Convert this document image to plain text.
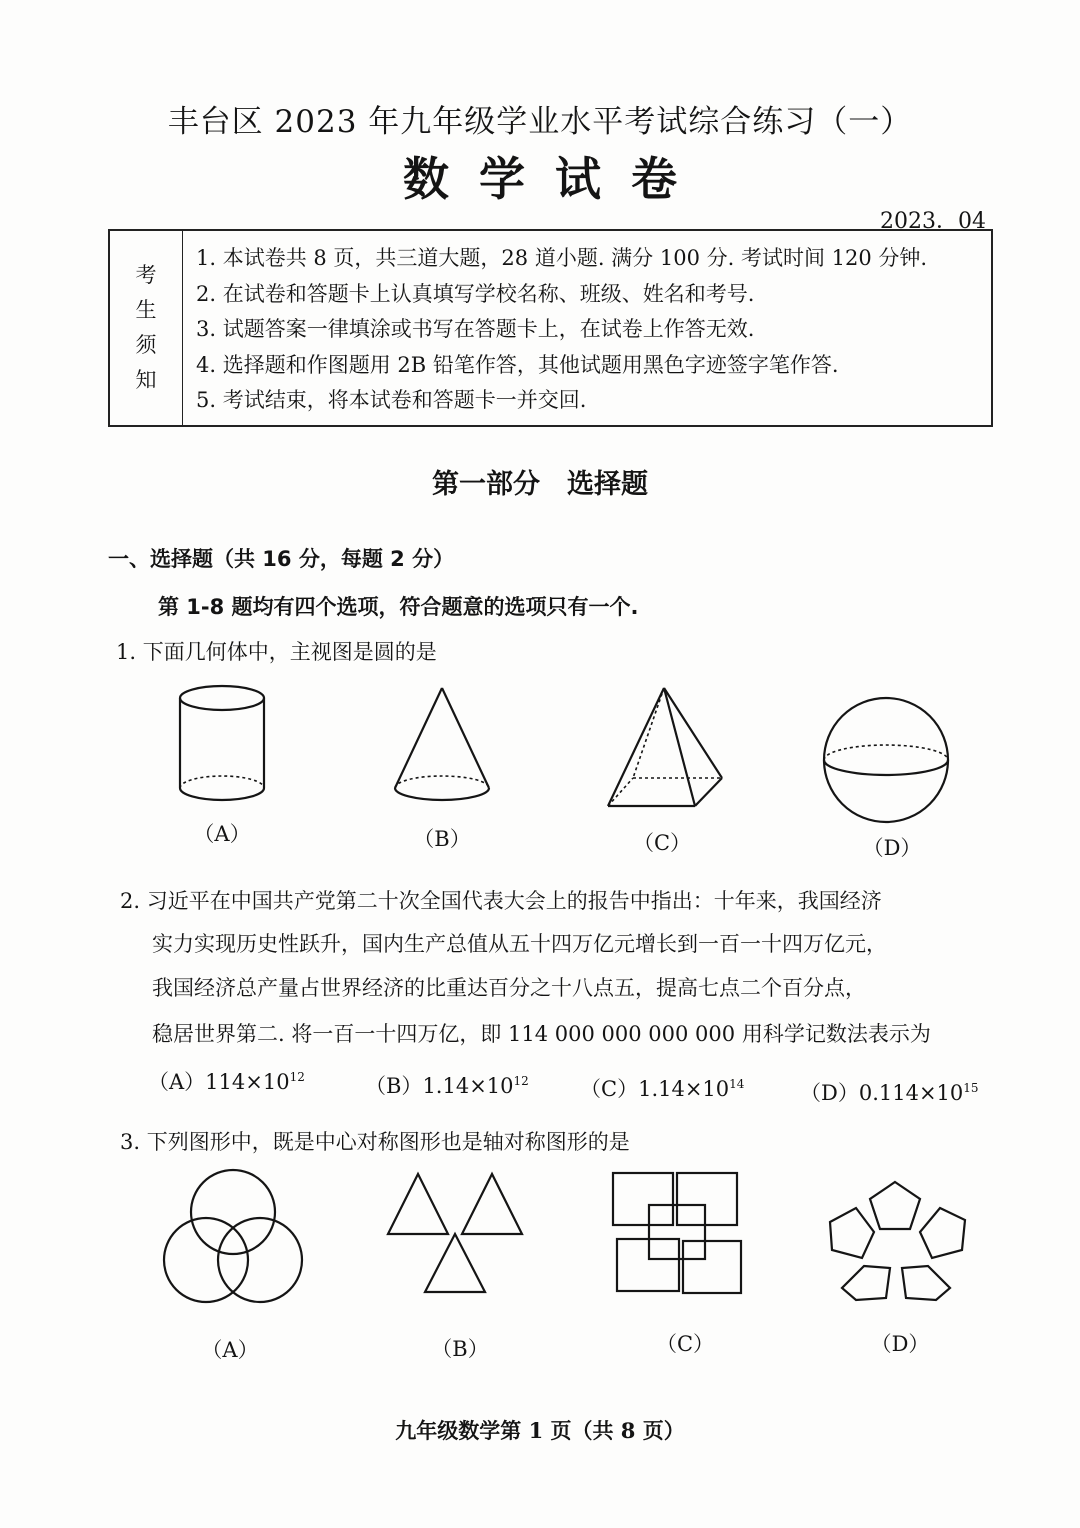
丰台区 2023 年九年级学业水平考试综合练习（一）
数学试卷
2023．04
考
生
须
知
1. 本试卷共 8 页，共三道大题，28 道小题. 满分 100 分. 考试时间 120 分钟.
2. 在试卷和答题卡上认真填写学校名称、班级、姓名和考号.
3. 试题答案一律填涂或书写在答题卡上，在试卷上作答无效.
4. 选择题和作图题用 2B 铅笔作答，其他试题用黑色字迹签字笔作答.
5. 考试结束，将本试卷和答题卡一并交回.
第一部分　选择题
一、选择题（共 16 分，每题 2 分）
第 1-8 题均有四个选项，符合题意的选项只有一个.
1. 下面几何体中，主视图是圆的是
（A）	（B）	（C）	（D）
2. 习近平在中国共产党第二十次全国代表大会上的报告中指出：十年来，我国经济
实力实现历史性跃升，国内生产总值从五十四万亿元增长到一百一十四万亿元，
我国经济总产量占世界经济的比重达百分之十八点五，提高七点二个百分点，
稳居世界第二. 将一百一十四万亿，即 114 000 000 000 000 用科学记数法表示为
$(A)114\times 10^{12}$	$(B)1.14\times 10^{12}$ $(C)1.14\times 10^{14}$	$(D)0.114\times 10^{15}$
3. 下列图形中，既是中心对称图形也是轴对称图形的是
（A）	（B）	（C）	（D）
九年级数学第 1 页（共 8 页）
